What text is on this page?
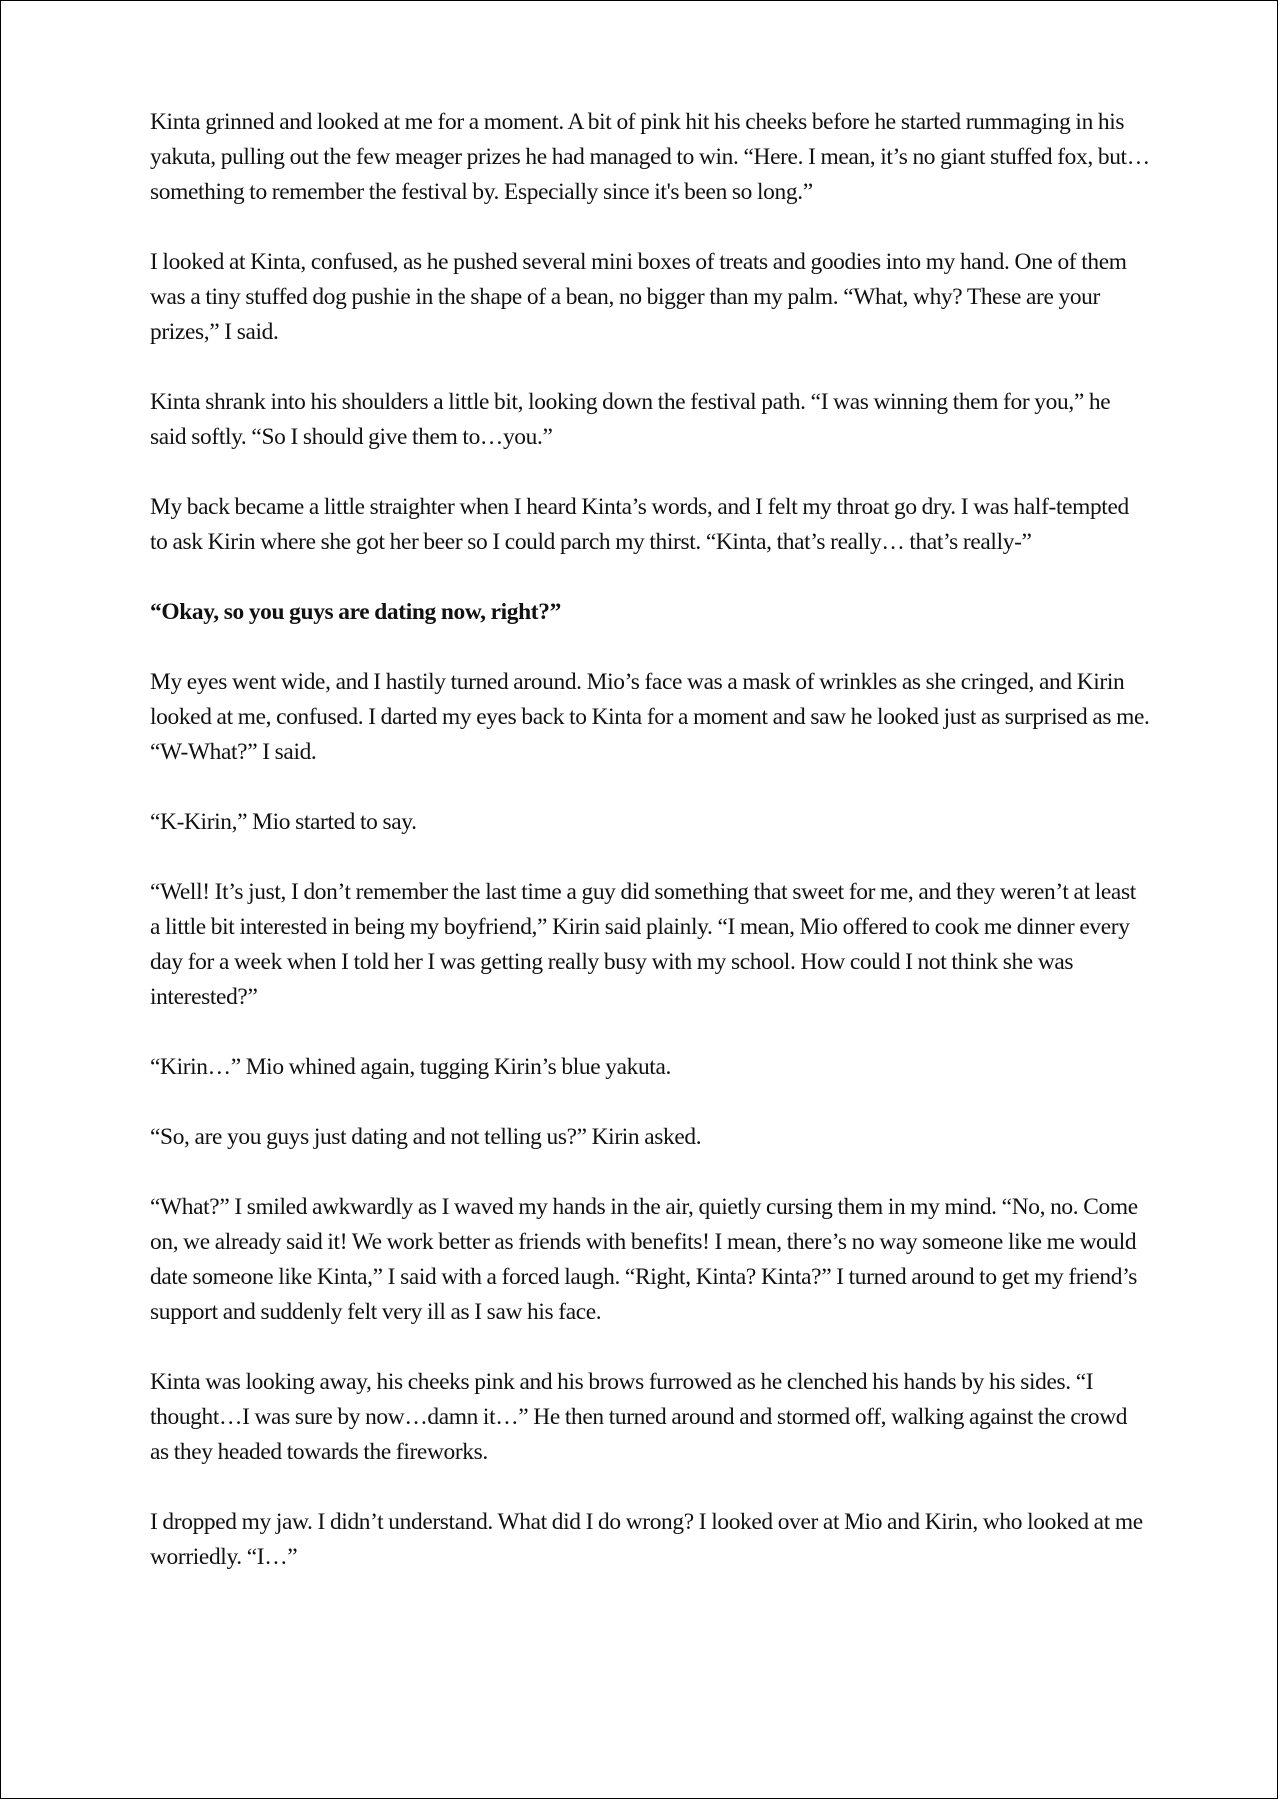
Kinta grinned and looked at me for a moment. A bit of pink hit his cheeks before he started rummaging in his yakuta, pulling out the few meager prizes he had managed to win. “Here. I mean, it’s no giant stuffed fox, but…something to remember the festival by. Especially since it's been so long.”

I looked at Kinta, confused, as he pushed several mini boxes of treats and goodies into my hand. One of them was a tiny stuffed dog pushie in the shape of a bean, no bigger than my palm. “What, why? These are your prizes,” I said.

Kinta shrank into his shoulders a little bit, looking down the festival path. “I was winning them for you,” he said softly. “So I should give them to…you.”

My back became a little straighter when I heard Kinta’s words, and I felt my throat go dry. I was half-tempted to ask Kirin where she got her beer so I could parch my thirst. “Kinta, that’s really… that’s really-”

“Okay, so you guys are dating now, right?”

My eyes went wide, and I hastily turned around. Mio’s face was a mask of wrinkles as she cringed, and Kirin looked at me, confused. I darted my eyes back to Kinta for a moment and saw he looked just as surprised as me. “W-What?” I said.

“K-Kirin,” Mio started to say.

“Well! It’s just, I don’t remember the last time a guy did something that sweet for me, and they weren’t at least a little bit interested in being my boyfriend,” Kirin said plainly. “I mean, Mio offered to cook me dinner every day for a week when I told her I was getting really busy with my school. How could I not think she was interested?”

“Kirin…” Mio whined again, tugging Kirin’s blue yakuta.

“So, are you guys just dating and not telling us?” Kirin asked.

“What?” I smiled awkwardly as I waved my hands in the air, quietly cursing them in my mind. “No, no. Come on, we already said it! We work better as friends with benefits! I mean, there’s no way someone like me would date someone like Kinta,” I said with a forced laugh. “Right, Kinta? Kinta?” I turned around to get my friend’s support and suddenly felt very ill as I saw his face.

Kinta was looking away, his cheeks pink and his brows furrowed as he clenched his hands by his sides. “I thought…I was sure by now…damn it…” He then turned around and stormed off, walking against the crowd as they headed towards the fireworks.

I dropped my jaw. I didn’t understand. What did I do wrong? I looked over at Mio and Kirin, who looked at me worriedly. “I…”
